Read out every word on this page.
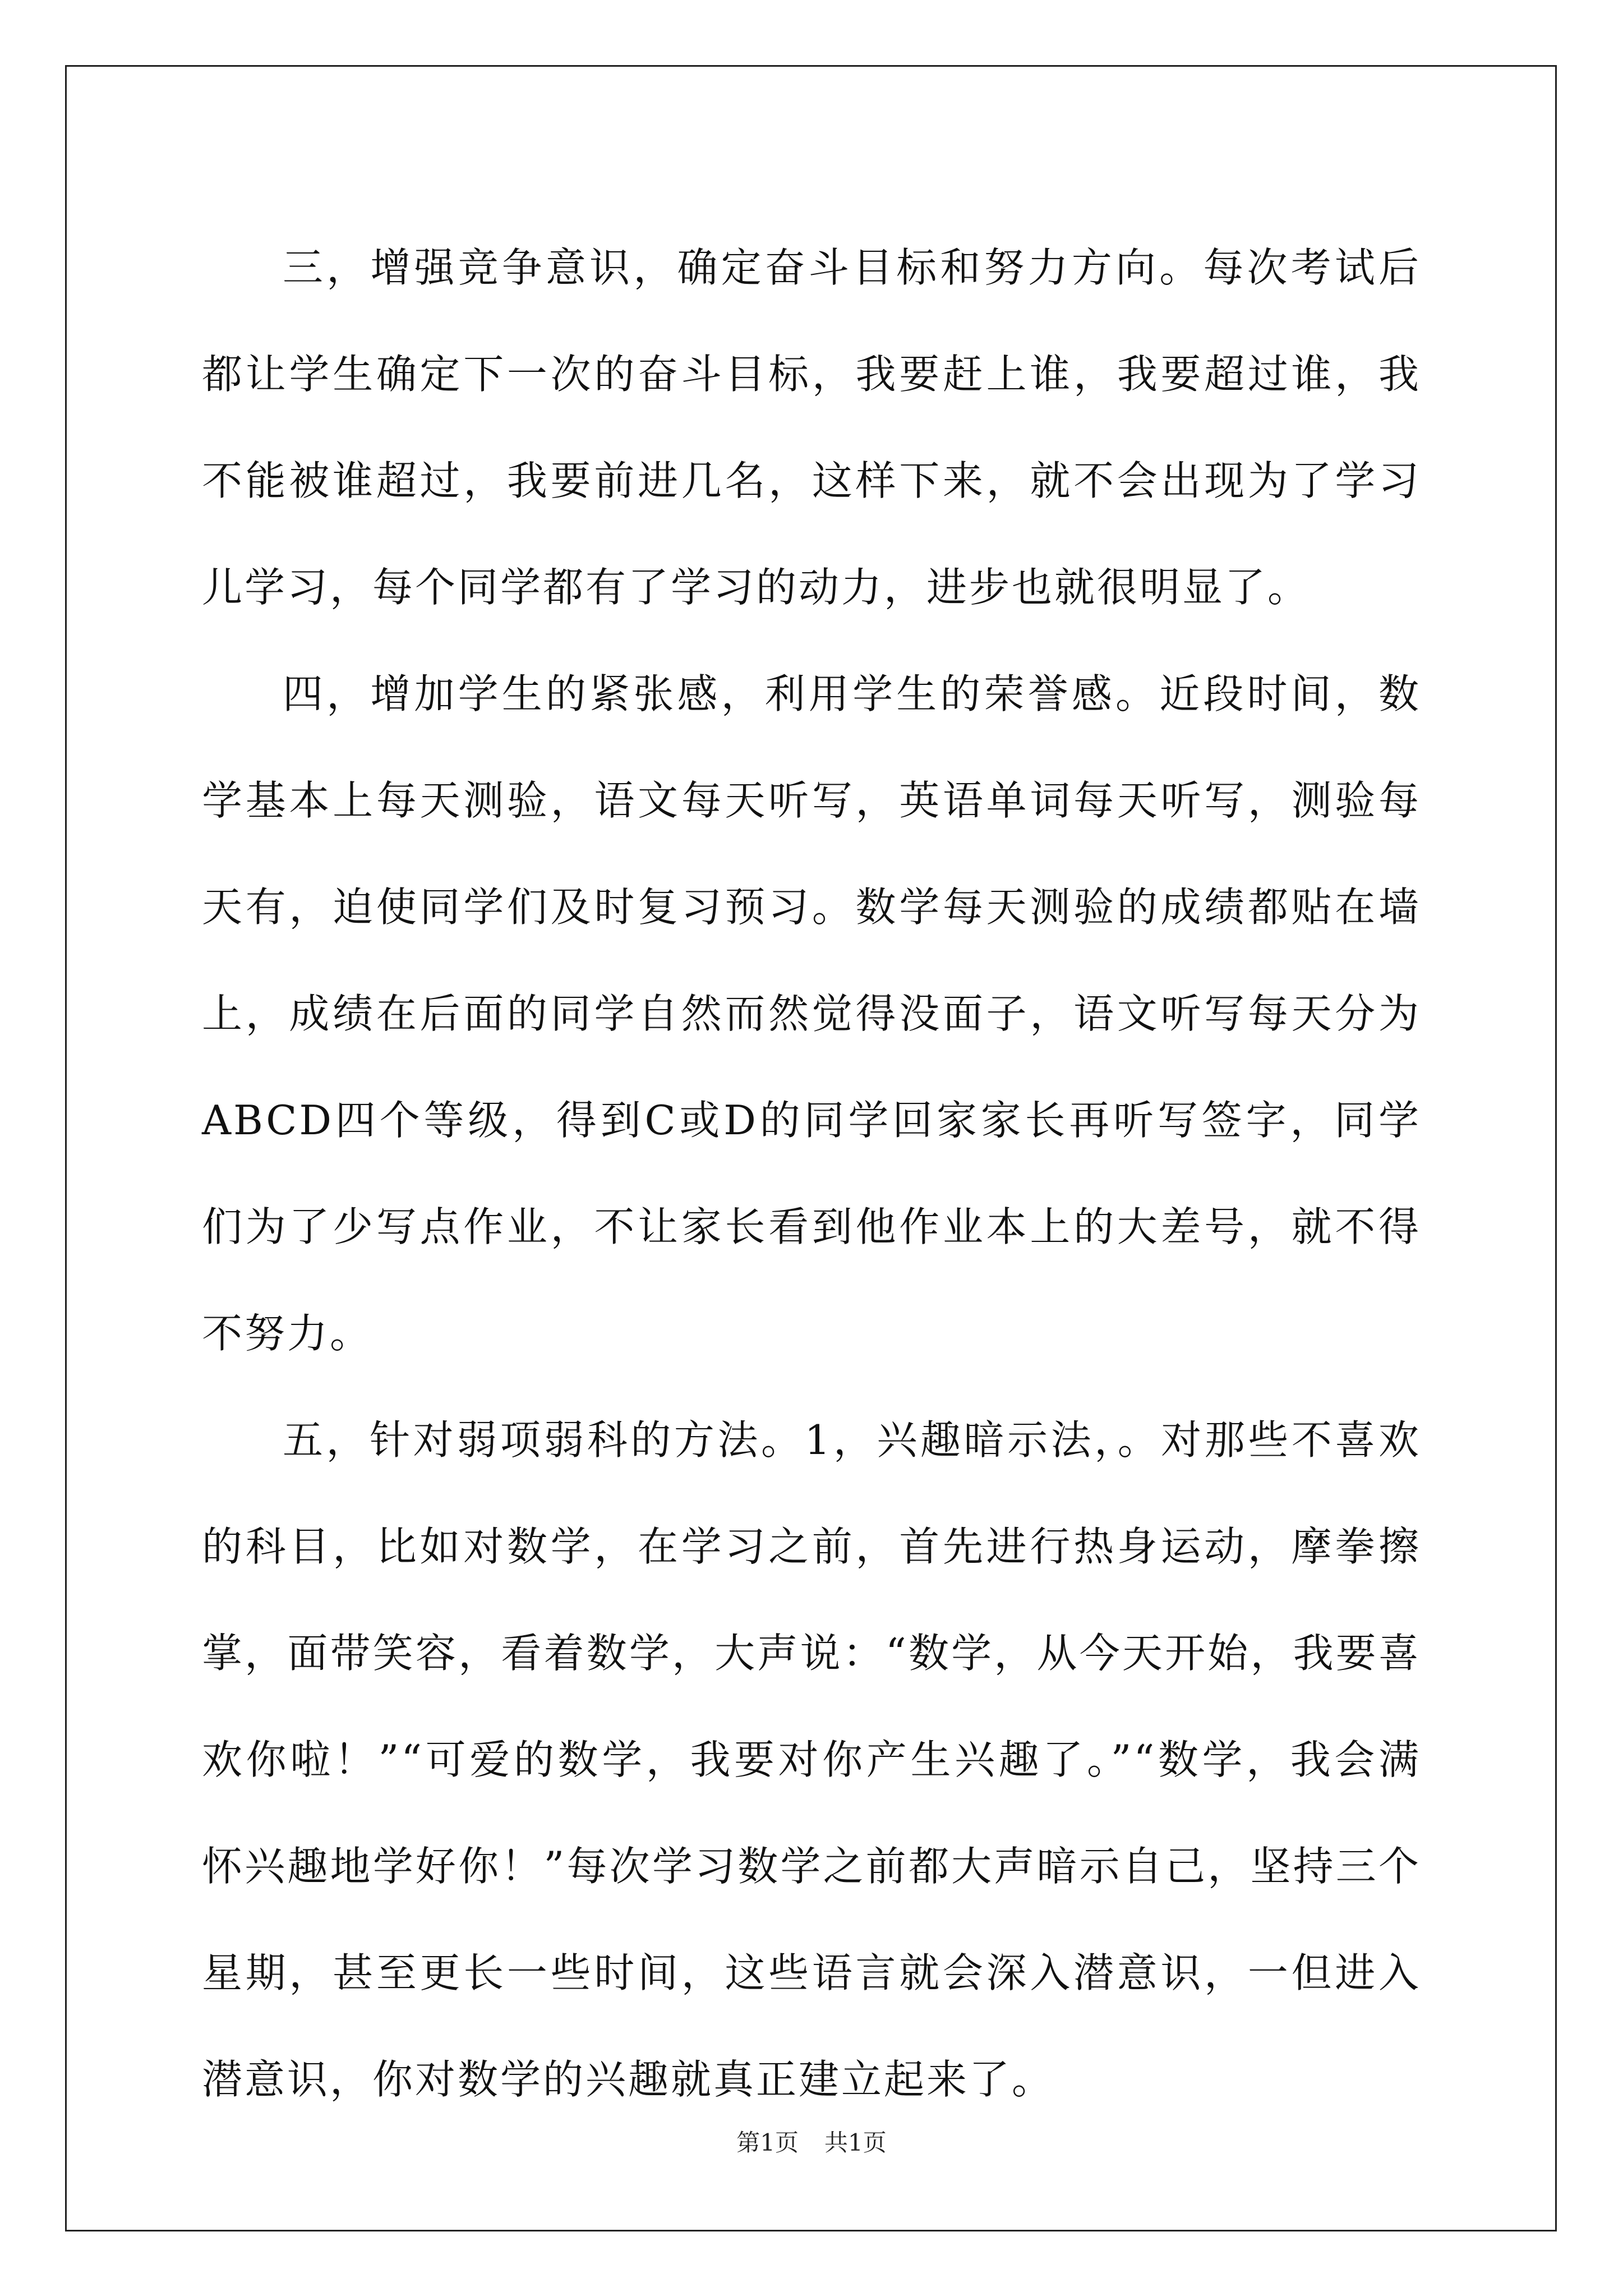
三，增强竞争意识，确定奋斗目标和努力方向。每次考试后都让学生确定下一次的奋斗目标，我要赶上谁，我要超过谁，我不能被谁超过，我要前进几名，这样下来，就不会出现为了学习儿学习，每个同学都有了学习的动力，进步也就很明显了。

四，增加学生的紧张感，利用学生的荣誉感。近段时间，数学基本上每天测验，语文每天听写，英语单词每天听写，测验每天有，迫使同学们及时复习预习。数学每天测验的成绩都贴在墙上，成绩在后面的同学自然而然觉得没面子，语文听写每天分为ABCD四个等级，得到C或D的同学回家家长再听写签字，同学们为了少写点作业，不让家长看到他作业本上的大差号，就不得不努力。

五，针对弱项弱科的方法。1，兴趣暗示法，。对那些不喜欢的科目，比如对数学，在学习之前，首先进行热身运动，摩拳擦掌，面带笑容，看着数学，大声说：“数学，从今天开始，我要喜欢你啦！”“可爱的数学，我要对你产生兴趣了。”“数学，我会满怀兴趣地学好你！”每次学习数学之前都大声暗示自己，坚持三个星期，甚至更长一些时间，这些语言就会深入潜意识，一但进入潜意识，你对数学的兴趣就真正建立起来了。

第1页 共1页
